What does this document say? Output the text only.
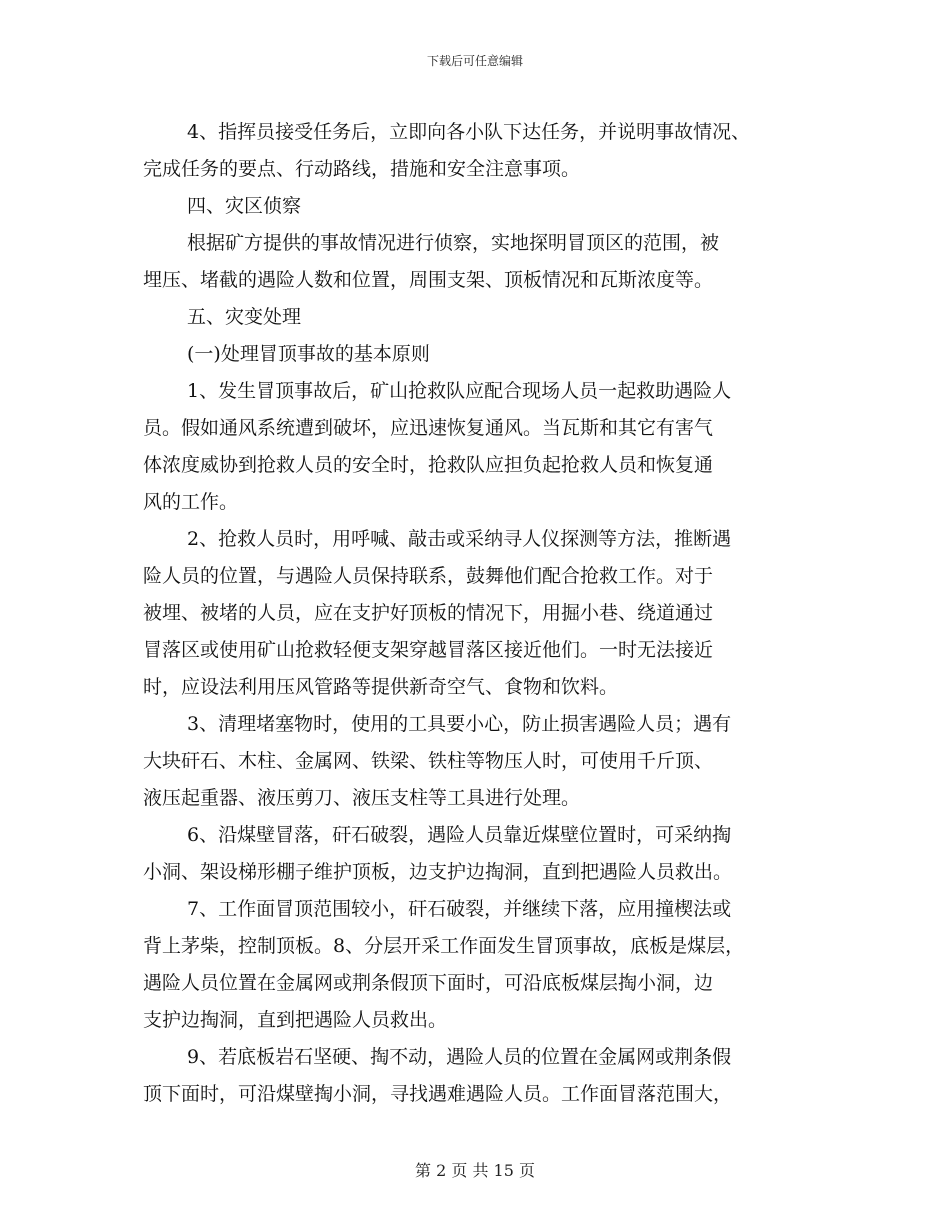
下载后可任意编辑
4、指挥员接受任务后，立即向各小队下达任务，并说明事故情况、
完成任务的要点、行动路线，措施和安全注意事项。
四、灾区侦察
根据矿方提供的事故情况进行侦察，实地探明冒顶区的范围，被
埋压、堵截的遇险人数和位置，周围支架、顶板情况和瓦斯浓度等。
五、灾变处理
(一)处理冒顶事故的基本原则
1、发生冒顶事故后，矿山抢救队应配合现场人员一起救助遇险人
员。假如通风系统遭到破坏，应迅速恢复通风。当瓦斯和其它有害气
体浓度威协到抢救人员的安全时，抢救队应担负起抢救人员和恢复通
风的工作。
2、抢救人员时，用呼喊、敲击或采纳寻人仪探测等方法，推断遇
险人员的位置，与遇险人员保持联系，鼓舞他们配合抢救工作。对于
被埋、被堵的人员，应在支护好顶板的情况下，用掘小巷、绕道通过
冒落区或使用矿山抢救轻便支架穿越冒落区接近他们。一时无法接近
时，应设法利用压风管路等提供新奇空气、食物和饮料。
3、清理堵塞物时，使用的工具要小心，防止损害遇险人员；遇有
大块矸石、木柱、金属网、铁梁、铁柱等物压人时，可使用千斤顶、
液压起重器、液压剪刀、液压支柱等工具进行处理。
6、沿煤壁冒落，矸石破裂，遇险人员靠近煤壁位置时，可采纳掏
小洞、架设梯形棚子维护顶板，边支护边掏洞，直到把遇险人员救出。
7、工作面冒顶范围较小，矸石破裂，并继续下落，应用撞楔法或
背上茅柴，控制顶板。8、分层开采工作面发生冒顶事故，底板是煤层，
遇险人员位置在金属网或荆条假顶下面时，可沿底板煤层掏小洞，边
支护边掏洞，直到把遇险人员救出。
9、若底板岩石坚硬、掏不动，遇险人员的位置在金属网或荆条假
顶下面时，可沿煤壁掏小洞，寻找遇难遇险人员。工作面冒落范围大，
第 2 页 共 15 页
